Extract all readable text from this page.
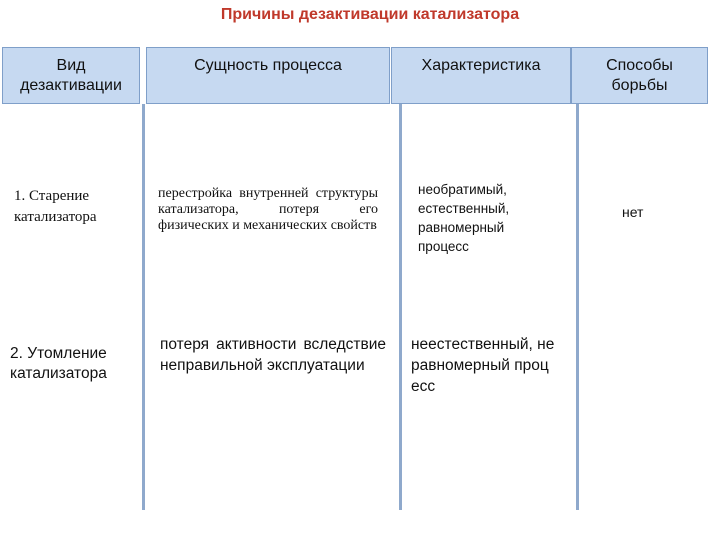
Причины дезактивации катализатора
Вид дезактивации
Сущность процесса	Характеристика	Способы борьбы
1. Старение катализатора
перестройка внутренней структуры катализатора, потеря его физических и механических свойств
необратимый, естественный, равномерный процесс
нет
2. Утомление катализатора
потеря активности вследствие неправильной эксплуатации
неестественный, неравномерный процесс
